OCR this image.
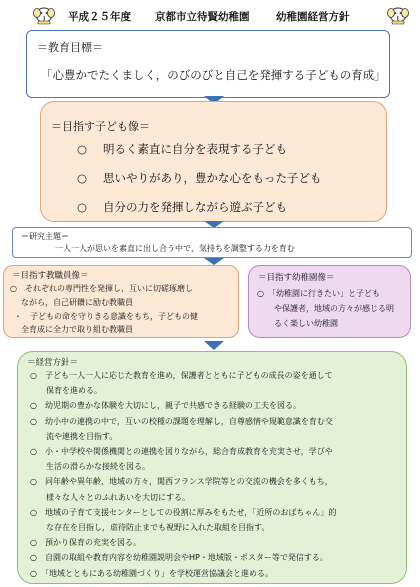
平成２５年度 京都市立待賢幼稚園	幼稚園経営方針
＝教育目標＝
「心豊かでたくましく，のびのびと自己を発揮する子どもの育成」
＝目指す子ども像＝
○ 明るく素直に自分を表現する子ども
○ 思いやりがあり，豊かな心をもった子ども
○ 自分の力を発揮しながら遊ぶ子ども
＝研究主題＝
一人一人が思いを素直に出し合う中で，気持ちを調整する力を育む
＝目指す教職員像＝
○　それぞれの専門性を発揮し，互いに切磋琢磨し
ながら，自己研鑽に励む教職員
・　子どもの命を守りきる意識をもち，子どもの健
全育成に全力で取り組む教職員
＝目指す幼稚園像＝
○　「幼稚園に行きたい」と子ども
や保護者，地域の方々が感じる明
るく楽しい幼稚園
＝経営方針＝
○　子ども一人一人に応じた教育を進め，保護者とともに子どもの成長の姿を通して
保育を進める。
○　幼児期の豊かな体験を大切にし，親子で共感できる経験の工夫を図る。
○　幼小中の連携の中で，互いの校種の課題を理解し，自尊感情や規範意識を育む交
流や連携を目指す。
○　小・中学校や関係機関との連携を図りながら，総合育成教育を充実させ，学びや
生活の滑らかな接続を図る。
○　同年齢や異年齢，地域の方々，関西フランス学院等との交流の機会を多くもち，
様々な人々とのふれあいを大切にする。
○　地域の子育て支援センターとしての役割に厚みをもたせ，「近所のおばちゃん」的
な存在を目指し，虐待防止までも視野に入れた取組を目指す。
○　預かり保育の充実を図る。
○　自園の取組や教育内容を幼稚園説明会やHP・地域版・ポスター等で発信する。
○　「地域とともにある幼稚園づくり」を学校運営協議会と進める。
